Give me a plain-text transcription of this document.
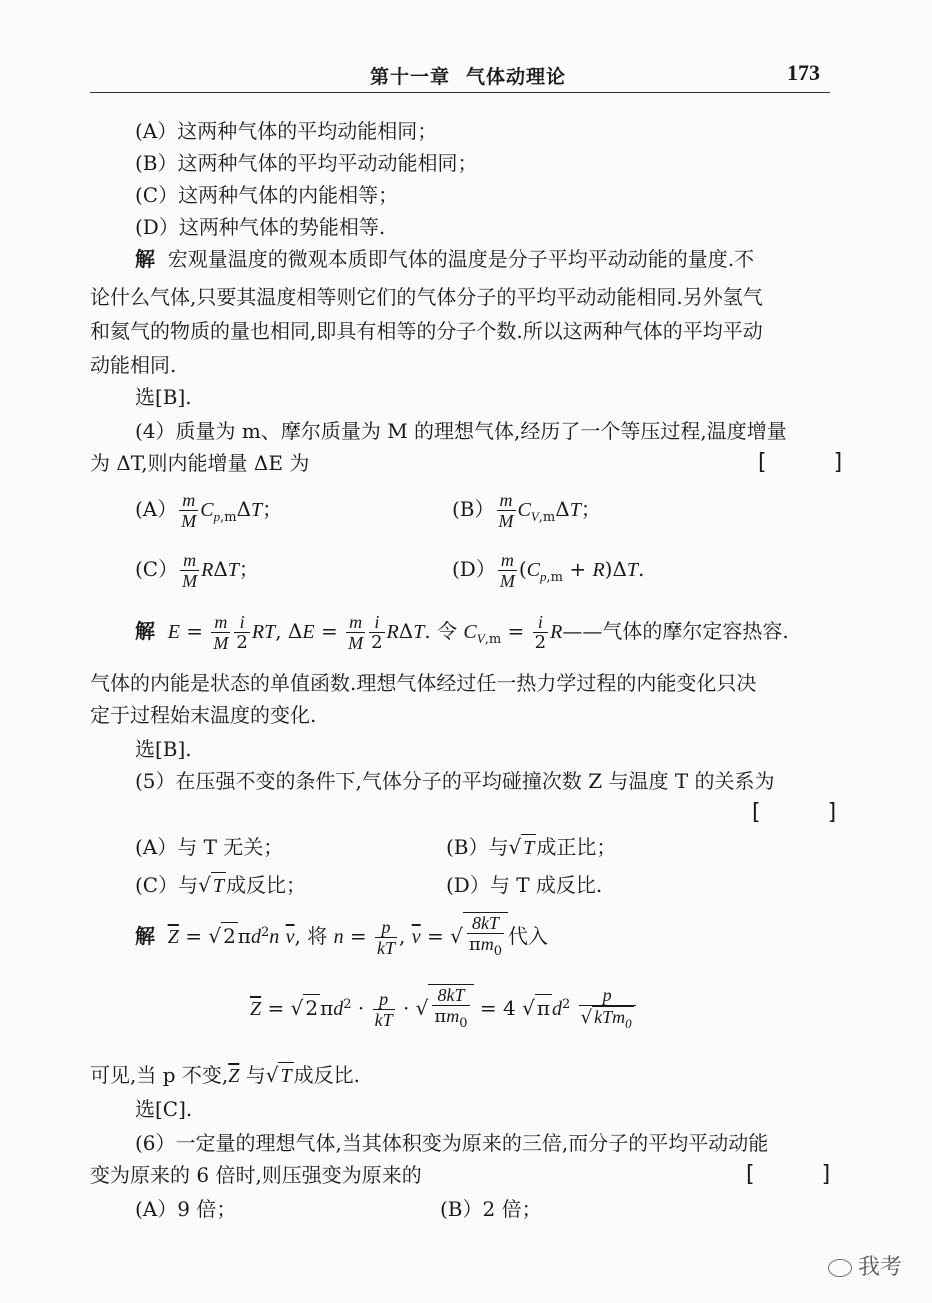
第十一章 气体动理论	173
(A）这两种气体的平均动能相同；
(B）这两种气体的平均平动动能相同；
(C）这两种气体的内能相等；
(D）这两种气体的势能相等.
解 宏观量温度的微观本质即气体的温度是分子平均平动动能的量度.不
论什么气体,只要其温度相等则它们的气体分子的平均平动动能相同.另外氢气
和氦气的物质的量也相同,即具有相等的分子个数.所以这两种气体的平均平动
动能相同.
选[B].
(4）质量为 m、摩尔质量为 M 的理想气体,经历了一个等压过程,温度增量
为 ΔT,则内能增量 ΔE 为	[ ]
$(A) \frac{m}{M} C_{p,m}\Delta T$；	$(B) \frac{m}{M} C_{V,m}\Delta T$；
$(C) \frac{m}{M}$ RΔT；	$(D) \frac{m}{M} (C_{p,m} + R)\Delta T$.
解 $E = \frac{m}{M} \frac{i}{2}$ RT, $\Delta E = \frac{m}{M} \frac{i}{2} R\Delta T$. 令 $C_{V,m} = \frac{i}{2}$ R——气体的摩尔定容热容.
气体的内能是状态的单值函数.理想气体经过任一热力学过程的内能变化只决
定于过程始末温度的变化.
选[B].
(5）在压强不变的条件下,气体分子的平均碰撞次数 Z 与温度 T 的关系为
[ ]
(A）与 T 无关；	(B）与√ T 成正比；
(C）与√ T 成反比；	(D）与 T 成反比.
解 $\overline{Z}$ = √ 2 $\pi d^2n$ $\overline{v}$, 将 $n = \frac{p}{kT}$ , $\overline{v}$ = √ $\frac{8kT}{\pi m_0}$ 代入
$\overline{Z}$ = √ 2 $\pi d^2 \cdot \frac{p}{kT}$ · √ $\frac{8kT}{\pi m_0} = 4$ √ π $d^2 \frac{p}{√ kTm_0}$
可见,当 p 不变$,\overline{Z}$ 与√ T 成反比.
选[C].
(6）一定量的理想气体,当其体积变为原来的三倍,而分子的平均平动动能
变为原来的 6 倍时,则压强变为原来的	[ ]
(A）9 倍；	(B）2 倍；
我考
